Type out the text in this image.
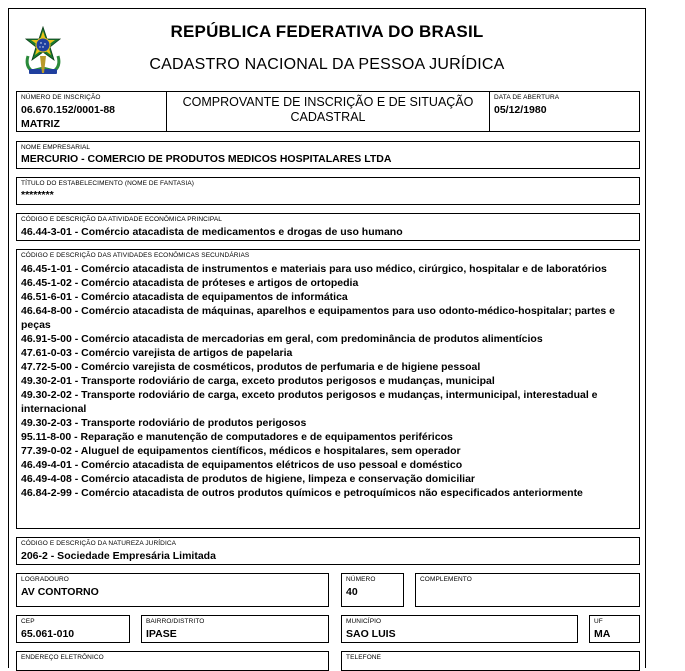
REPÚBLICA FEDERATIVA DO BRASIL
CADASTRO NACIONAL DA PESSOA JURÍDICA
NÚMERO DE INSCRIÇÃO
06.670.152/0001-88
MATRIZ
COMPROVANTE DE INSCRIÇÃO E DE SITUAÇÃO
CADASTRAL
DATA DE ABERTURA
05/12/1980
NOME EMPRESARIAL
MERCURIO - COMERCIO DE PRODUTOS MEDICOS HOSPITALARES LTDA
TÍTULO DO ESTABELECIMENTO (NOME DE FANTASIA)
********
CÓDIGO E DESCRIÇÃO DA ATIVIDADE ECONÔMICA PRINCIPAL
46.44-3-01 - Comércio atacadista de medicamentos e drogas de uso humano
CÓDIGO E DESCRIÇÃO DAS ATIVIDADES ECONÔMICAS SECUNDÁRIAS
46.45-1-01 - Comércio atacadista de instrumentos e materiais para uso médico, cirúrgico, hospitalar e de laboratórios
46.45-1-02 - Comércio atacadista de próteses e artigos de ortopedia
46.51-6-01 - Comércio atacadista de equipamentos de informática
46.64-8-00 - Comércio atacadista de máquinas, aparelhos e equipamentos para uso odonto-médico-hospitalar; partes e peças
46.91-5-00 - Comércio atacadista de mercadorias em geral, com predominância de produtos alimentícios
47.61-0-03 - Comércio varejista de artigos de papelaria
47.72-5-00 - Comércio varejista de cosméticos, produtos de perfumaria e de higiene pessoal
49.30-2-01 - Transporte rodoviário de carga, exceto produtos perigosos e mudanças, municipal
49.30-2-02 - Transporte rodoviário de carga, exceto produtos perigosos e mudanças, intermunicipal, interestadual e internacional
49.30-2-03 - Transporte rodoviário de produtos perigosos
95.11-8-00 - Reparação e manutenção de computadores e de equipamentos periféricos
77.39-0-02 - Aluguel de equipamentos científicos, médicos e hospitalares, sem operador
46.49-4-01 - Comércio atacadista de equipamentos elétricos de uso pessoal e doméstico
46.49-4-08 - Comércio atacadista de produtos de higiene, limpeza e conservação domiciliar
46.84-2-99 - Comércio atacadista de outros produtos químicos e petroquímicos não especificados anteriormente
CÓDIGO E DESCRIÇÃO DA NATUREZA JURÍDICA
206-2 - Sociedade Empresária Limitada
LOGRADOURO
AV CONTORNO
NÚMERO
40
COMPLEMENTO
CEP
65.061-010
BAIRRO/DISTRITO
IPASE
MUNICÍPIO
SAO LUIS
UF
MA
ENDEREÇO ELETRÔNICO	TELEFONE
